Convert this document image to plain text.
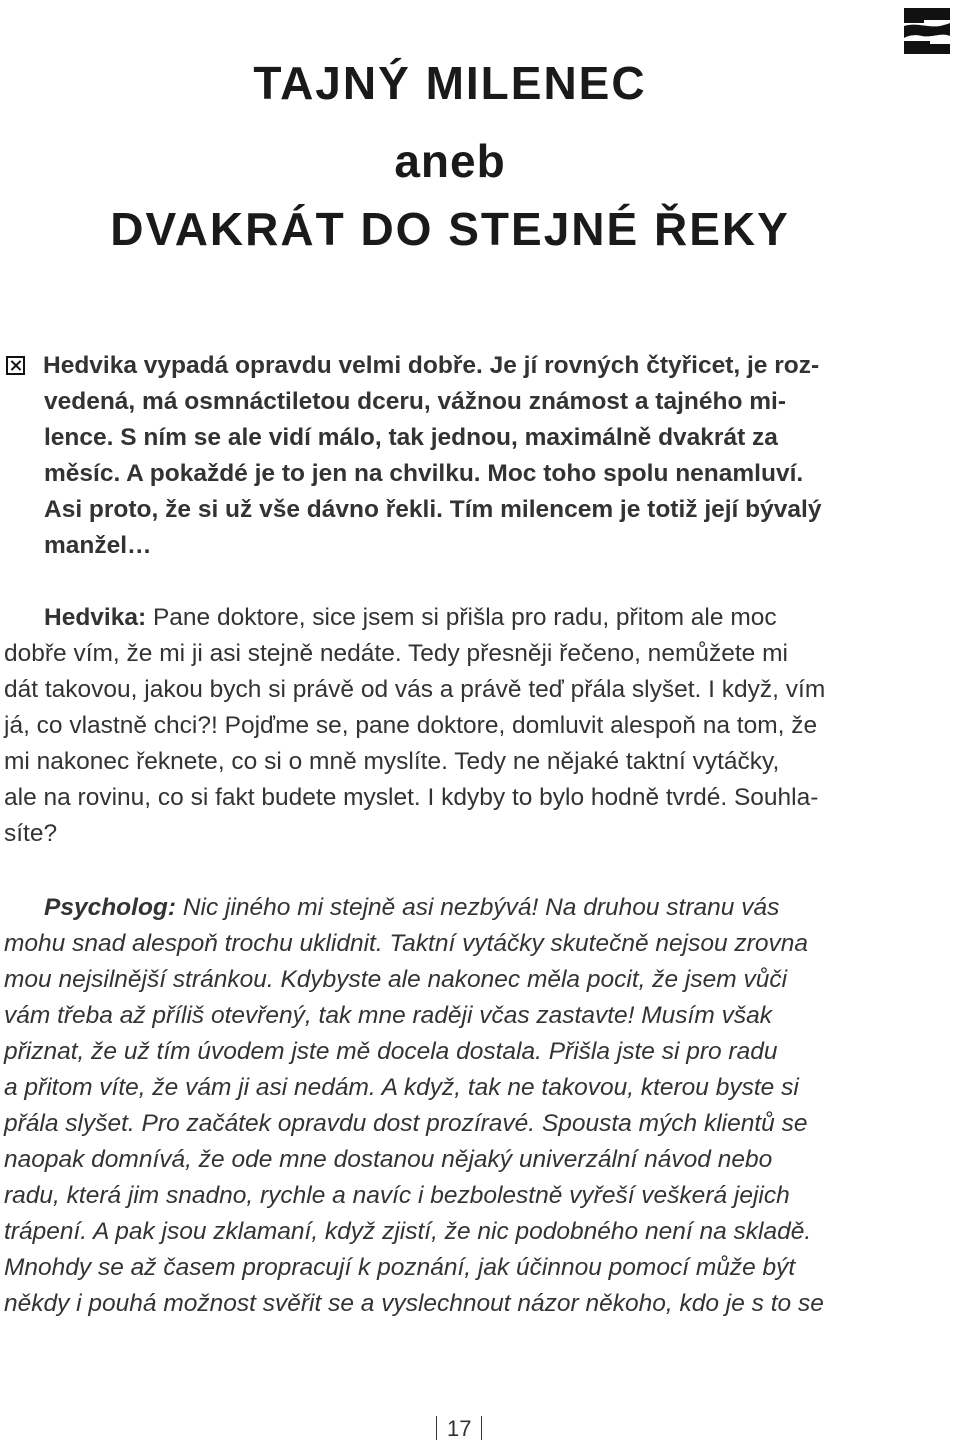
TAJNÝ MILENEC

aneb

DVAKRÁT DO STEJNÉ ŘEKY

Hedvika vypadá opravdu velmi dobře. Je jí rovných čtyřicet, je roz-
vedená, má osmnáctiletou dceru, vážnou známost a tajného mi-
lence. S ním se ale vidí málo, tak jednou, maximálně dvakrát za
měsíc. A pokaždé je to jen na chvilku. Moc toho spolu nenamluví.
Asi proto, že si už vše dávno řekli. Tím milencem je totiž její bývalý
manžel…
Hedvika: Pane doktore, sice jsem si přišla pro radu, přitom ale moc
dobře vím, že mi ji asi stejně nedáte. Tedy přesněji řečeno, nemůžete mi
dát takovou, jakou bych si právě od vás a právě teď přála slyšet. I když, vím
já, co vlastně chci?! Pojďme se, pane doktore, domluvit alespoň na tom, že
mi nakonec řeknete, co si o mně myslíte. Tedy ne nějaké taktní vytáčky,
ale na rovinu, co si fakt budete myslet. I kdyby to bylo hodně tvrdé. Souhla-
síte?
Psycholog: Nic jiného mi stejně asi nezbývá! Na druhou stranu vás
mohu snad alespoň trochu uklidnit. Taktní vytáčky skutečně nejsou zrovna
mou nejsilnější stránkou. Kdybyste ale nakonec měla pocit, že jsem vůči
vám třeba až příliš otevřený, tak mne raději včas zastavte! Musím však
přiznat, že už tím úvodem jste mě docela dostala. Přišla jste si pro radu
a přitom víte, že vám ji asi nedám. A když, tak ne takovou, kterou byste si
přála slyšet. Pro začátek opravdu dost prozíravé. Spousta mých klientů se
naopak domnívá, že ode mne dostanou nějaký univerzální návod nebo
radu, která jim snadno, rychle a navíc i bezbolestně vyřeší veškerá jejich
trápení. A pak jsou zklamaní, když zjistí, že nic podobného není na skladě.
Mnohdy se až časem propracují k poznání, jak účinnou pomocí může být
někdy i pouhá možnost svěřit se a vyslechnout názor někoho, kdo je s to se
17
